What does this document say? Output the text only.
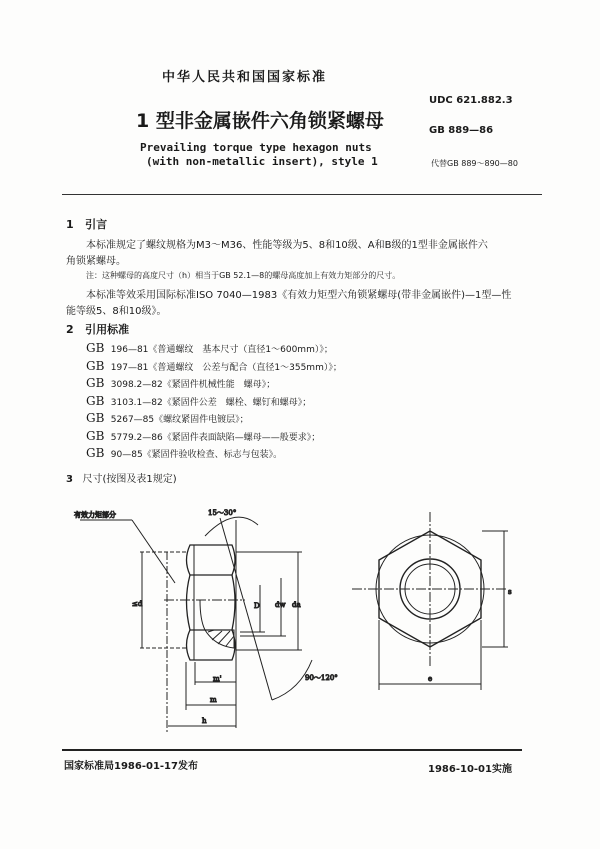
中华人民共和国国家标准
1 型非金属嵌件六角锁紧螺母
Prevailing torque type hexagon nuts
(with non-metallic insert), style 1
UDC 621.882.3
GB 889—86
代替GB 889～890—80
1 引言
本标准规定了螺纹规格为M3～M36、性能等级为5、8和10级、A和B级的1型非金属嵌件六
角锁紧螺母。
注：这种螺母的高度尺寸（h）相当于GB 52.1—8的螺母高度加上有效力矩部分的尺寸。
本标准等效采用国际标准ISO 7040—1983《有效力矩型六角锁紧螺母(带非金属嵌件)—1型—性
能等级5、8和10级》。
2 引用标准
GB 196—81《普通螺纹　基本尺寸（直径1～600mm）》；
GB 197—81《普通螺纹　公差与配合（直径1～355mm）》；
GB 3098.2—82《紧固件机械性能　螺母》；
GB 3103.1—82《紧固件公差　螺栓、螺钉和螺母》；
GB 5267—85《螺纹紧固件电镀层》；
GB 5779.2—86《紧固件表面缺陷—螺母——般要求》；
GB 90—85《紧固件验收检查、标志与包装》。
3 尺寸(按图及表1规定)
有效力矩部分	15～30°
90～120°
m'
m
h
D dw da
≤d
s
e
国家标准局1986-01-17发布	1986-10-01实施
